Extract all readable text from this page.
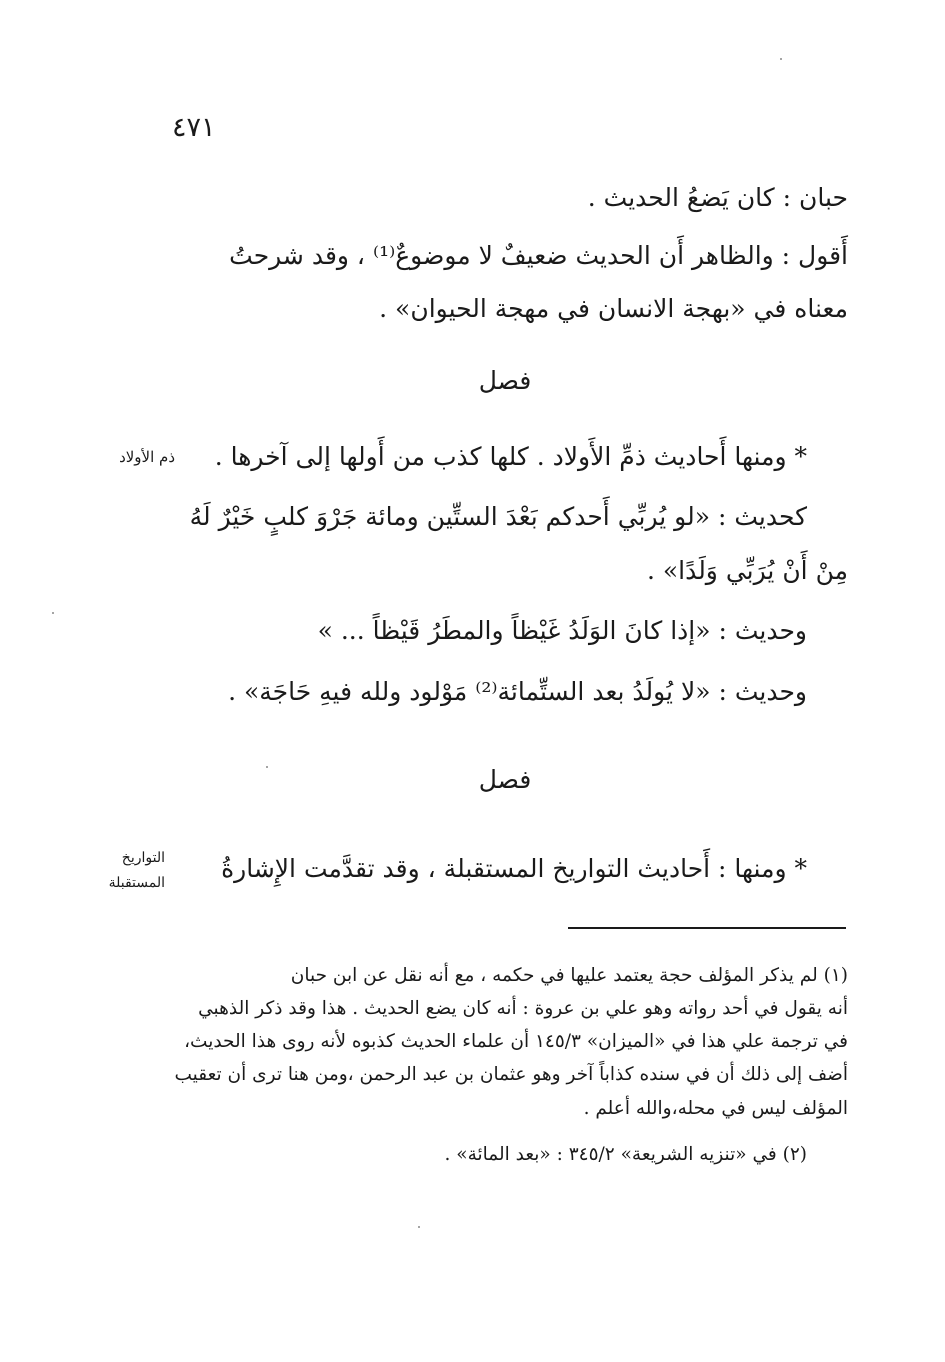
٤٧١
حبان : كان يَضعُ الحديث .
أَقول : والظاهر أَن الحديث ضعيفٌ لا موضوعٌ⁽¹⁾ ، وقد شرحتُ
معناه في «بهجة الانسان في مهجة الحيوان» .
فصل
ذم الأولاد * ومنها أَحاديث ذمِّ الأَولاد . كلها كذب من أَولها إلى آخرها .
كحديث : «لو يُربِّي أَحدكم بَعْدَ الستِّين ومائة جَرْوَ كلبٍ خَيْرٌ لَهُ
مِنْ أَنْ يُرَبِّي وَلَدًا» .
وحديث : «إذا كانَ الوَلَدُ غَيْظاً والمطَرُ قَيْظاً ... »
وحديث : «لا يُولَدُ بعد الستِّمائة⁽²⁾ مَوْلود ولله فيهِ حَاجَة» .
فصل
التواريخ
المستقبلة * ومنها : أَحاديث التواريخ المستقبلة ، وقد تقدَّمت الإِشارةُ
(١) لم يذكر المؤلف حجة يعتمد عليها في حكمه ، مع أنه نقل عن ابن حبان
أنه يقول في أحد رواته وهو علي بن عروة : أنه كان يضع الحديث . هذا وقد ذكر الذهبي
في ترجمة علي هذا في «الميزان» ١٤٥/٣ أن علماء الحديث كذبوه لأنه روى هذا الحديث،
أضف إلى ذلك أن في سنده كذاباً آخر وهو عثمان بن عبد الرحمن ،ومن هنا ترى أن تعقيب
المؤلف ليس في محله،والله أعلم .
(٢) في «تنزيه الشريعة» ٣٤٥/٢ : «بعد المائة» .
